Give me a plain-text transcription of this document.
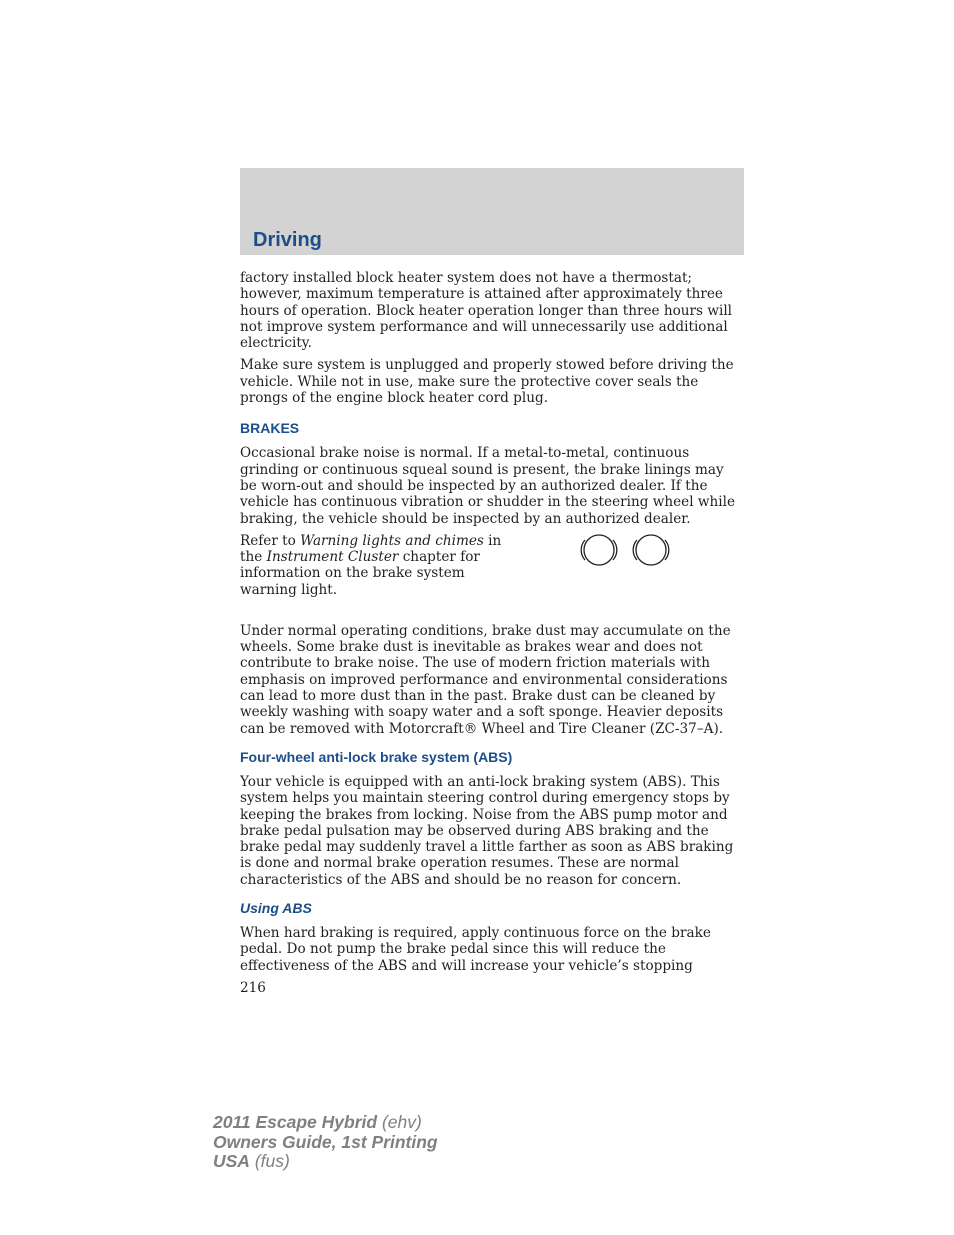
Driving

factory installed block heater system does not have a thermostat; however, maximum temperature is attained after approximately three hours of operation. Block heater operation longer than three hours will not improve system performance and will unnecessarily use additional electricity.

Make sure system is unplugged and properly stowed before driving the vehicle. While not in use, make sure the protective cover seals the prongs of the engine block heater cord plug.

BRAKES

Occasional brake noise is normal. If a metal-to-metal, continuous grinding or continuous squeal sound is present, the brake linings may be worn-out and should be inspected by an authorized dealer. If the vehicle has continuous vibration or shudder in the steering wheel while braking, the vehicle should be inspected by an authorized dealer.

Refer to Warning lights and chimes in the Instrument Cluster chapter for information on the brake system warning light.

Under normal operating conditions, brake dust may accumulate on the wheels. Some brake dust is inevitable as brakes wear and does not contribute to brake noise. The use of modern friction materials with emphasis on improved performance and environmental considerations can lead to more dust than in the past. Brake dust can be cleaned by weekly washing with soapy water and a soft sponge. Heavier deposits can be removed with Motorcraft® Wheel and Tire Cleaner (ZC-37–A).

Four-wheel anti-lock brake system (ABS)

Your vehicle is equipped with an anti-lock braking system (ABS). This system helps you maintain steering control during emergency stops by keeping the brakes from locking. Noise from the ABS pump motor and brake pedal pulsation may be observed during ABS braking and the brake pedal may suddenly travel a little farther as soon as ABS braking is done and normal brake operation resumes. These are normal characteristics of the ABS and should be no reason for concern.

Using ABS

When hard braking is required, apply continuous force on the brake pedal. Do not pump the brake pedal since this will reduce the effectiveness of the ABS and will increase your vehicle’s stopping

216
2011 Escape Hybrid (ehv)
Owners Guide, 1st Printing
USA (fus)
